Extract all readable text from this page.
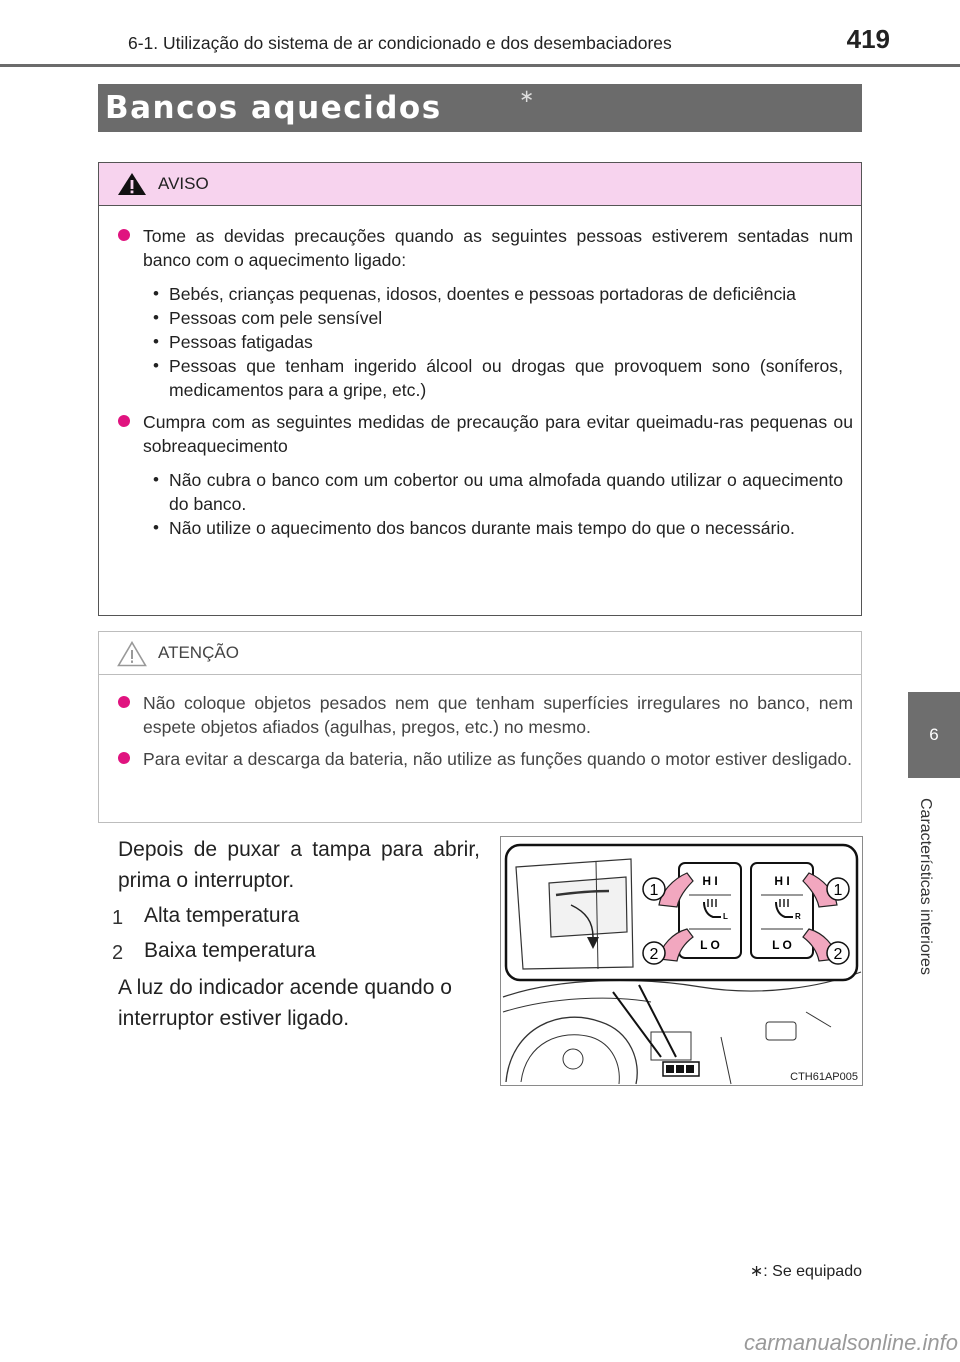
6-1. Utilização do sistema de ar condicionado e dos desembaciadores	419
6
Características interiores
Bancos aquecidos	∗
AVISO
Tome as devidas precauções quando as seguintes pessoas estiverem sentadas num banco com o aquecimento ligado:
• Bebés, crianças pequenas, idosos, doentes e pessoas portadoras de deficiência
• Pessoas com pele sensível
• Pessoas fatigadas
• Pessoas que tenham ingerido álcool ou drogas que provoquem sono (soníferos, medicamentos para a gripe, etc.)
Cumpra com as seguintes medidas de precaução para evitar queimadu-ras pequenas ou sobreaquecimento
• Não cubra o banco com um cobertor ou uma almofada quando utilizar o aquecimento do banco.
• Não utilize o aquecimento dos bancos durante mais tempo do que o necessário.
ATENÇÃO
Não coloque objetos pesados nem que tenham superfícies irregulares no banco, nem espete objetos afiados (agulhas, pregos, etc.) no mesmo.
Para evitar a descarga da bateria, não utilize as funções quando o motor estiver desligado.
Depois de puxar a tampa para abrir, prima o interruptor.
1 Alta temperatura
2 Baixa temperatura
A luz do indicador acende quando o interruptor estiver ligado.
1
2
1
2
H I
L O
H I
L O
L	R
CTH61AP005
∗: Se equipado
carmanualsonline.info
